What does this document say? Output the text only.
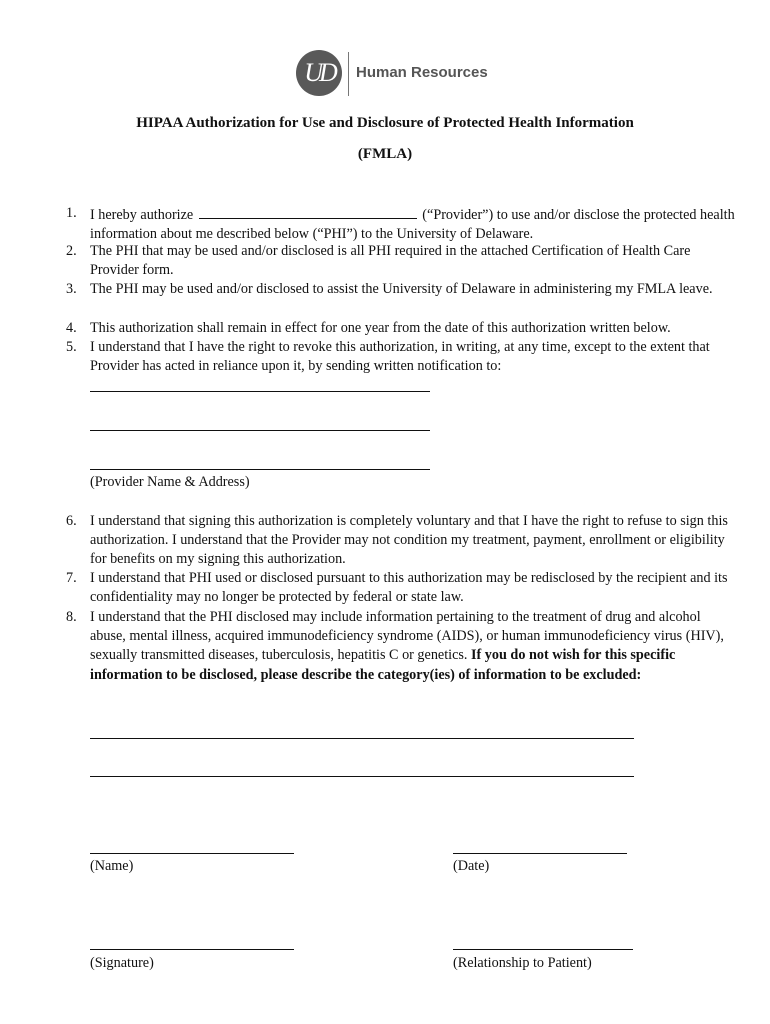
UD	Human Resources
HIPAA Authorization for Use and Disclosure of Protected Health Information
(FMLA)
1. I hereby authorize	(“Provider”) to use and/or disclose the protected health information about me described below (“PHI”) to the University of Delaware.
2. The PHI that may be used and/or disclosed is all PHI required in the attached Certification of Health Care Provider form.
3. The PHI may be used and/or disclosed to assist the University of Delaware in administering my FMLA leave.
4. This authorization shall remain in effect for one year from the date of this authorization written below.
5. I understand that I have the right to revoke this authorization, in writing, at any time, except to the extent that Provider has acted in reliance upon it, by sending written notification to:
(Provider Name & Address)
6. I understand that signing this authorization is completely voluntary and that I have the right to refuse to sign this authorization. I understand that the Provider may not condition my treatment, payment, enrollment or eligibility for benefits on my signing this authorization.
7. I understand that PHI used or disclosed pursuant to this authorization may be redisclosed by the recipient and its confidentiality may no longer be protected by federal or state law.
8. I understand that the PHI disclosed may include information pertaining to the treatment of drug and alcohol abuse, mental illness, acquired immunodeficiency syndrome (AIDS), or human immunodeficiency virus (HIV), sexually transmitted diseases, tuberculosis, hepatitis C or genetics. If you do not wish for this specific information to be disclosed, please describe the category(ies) of information to be excluded:
(Name)	(Date)
(Signature)	(Relationship to Patient)
